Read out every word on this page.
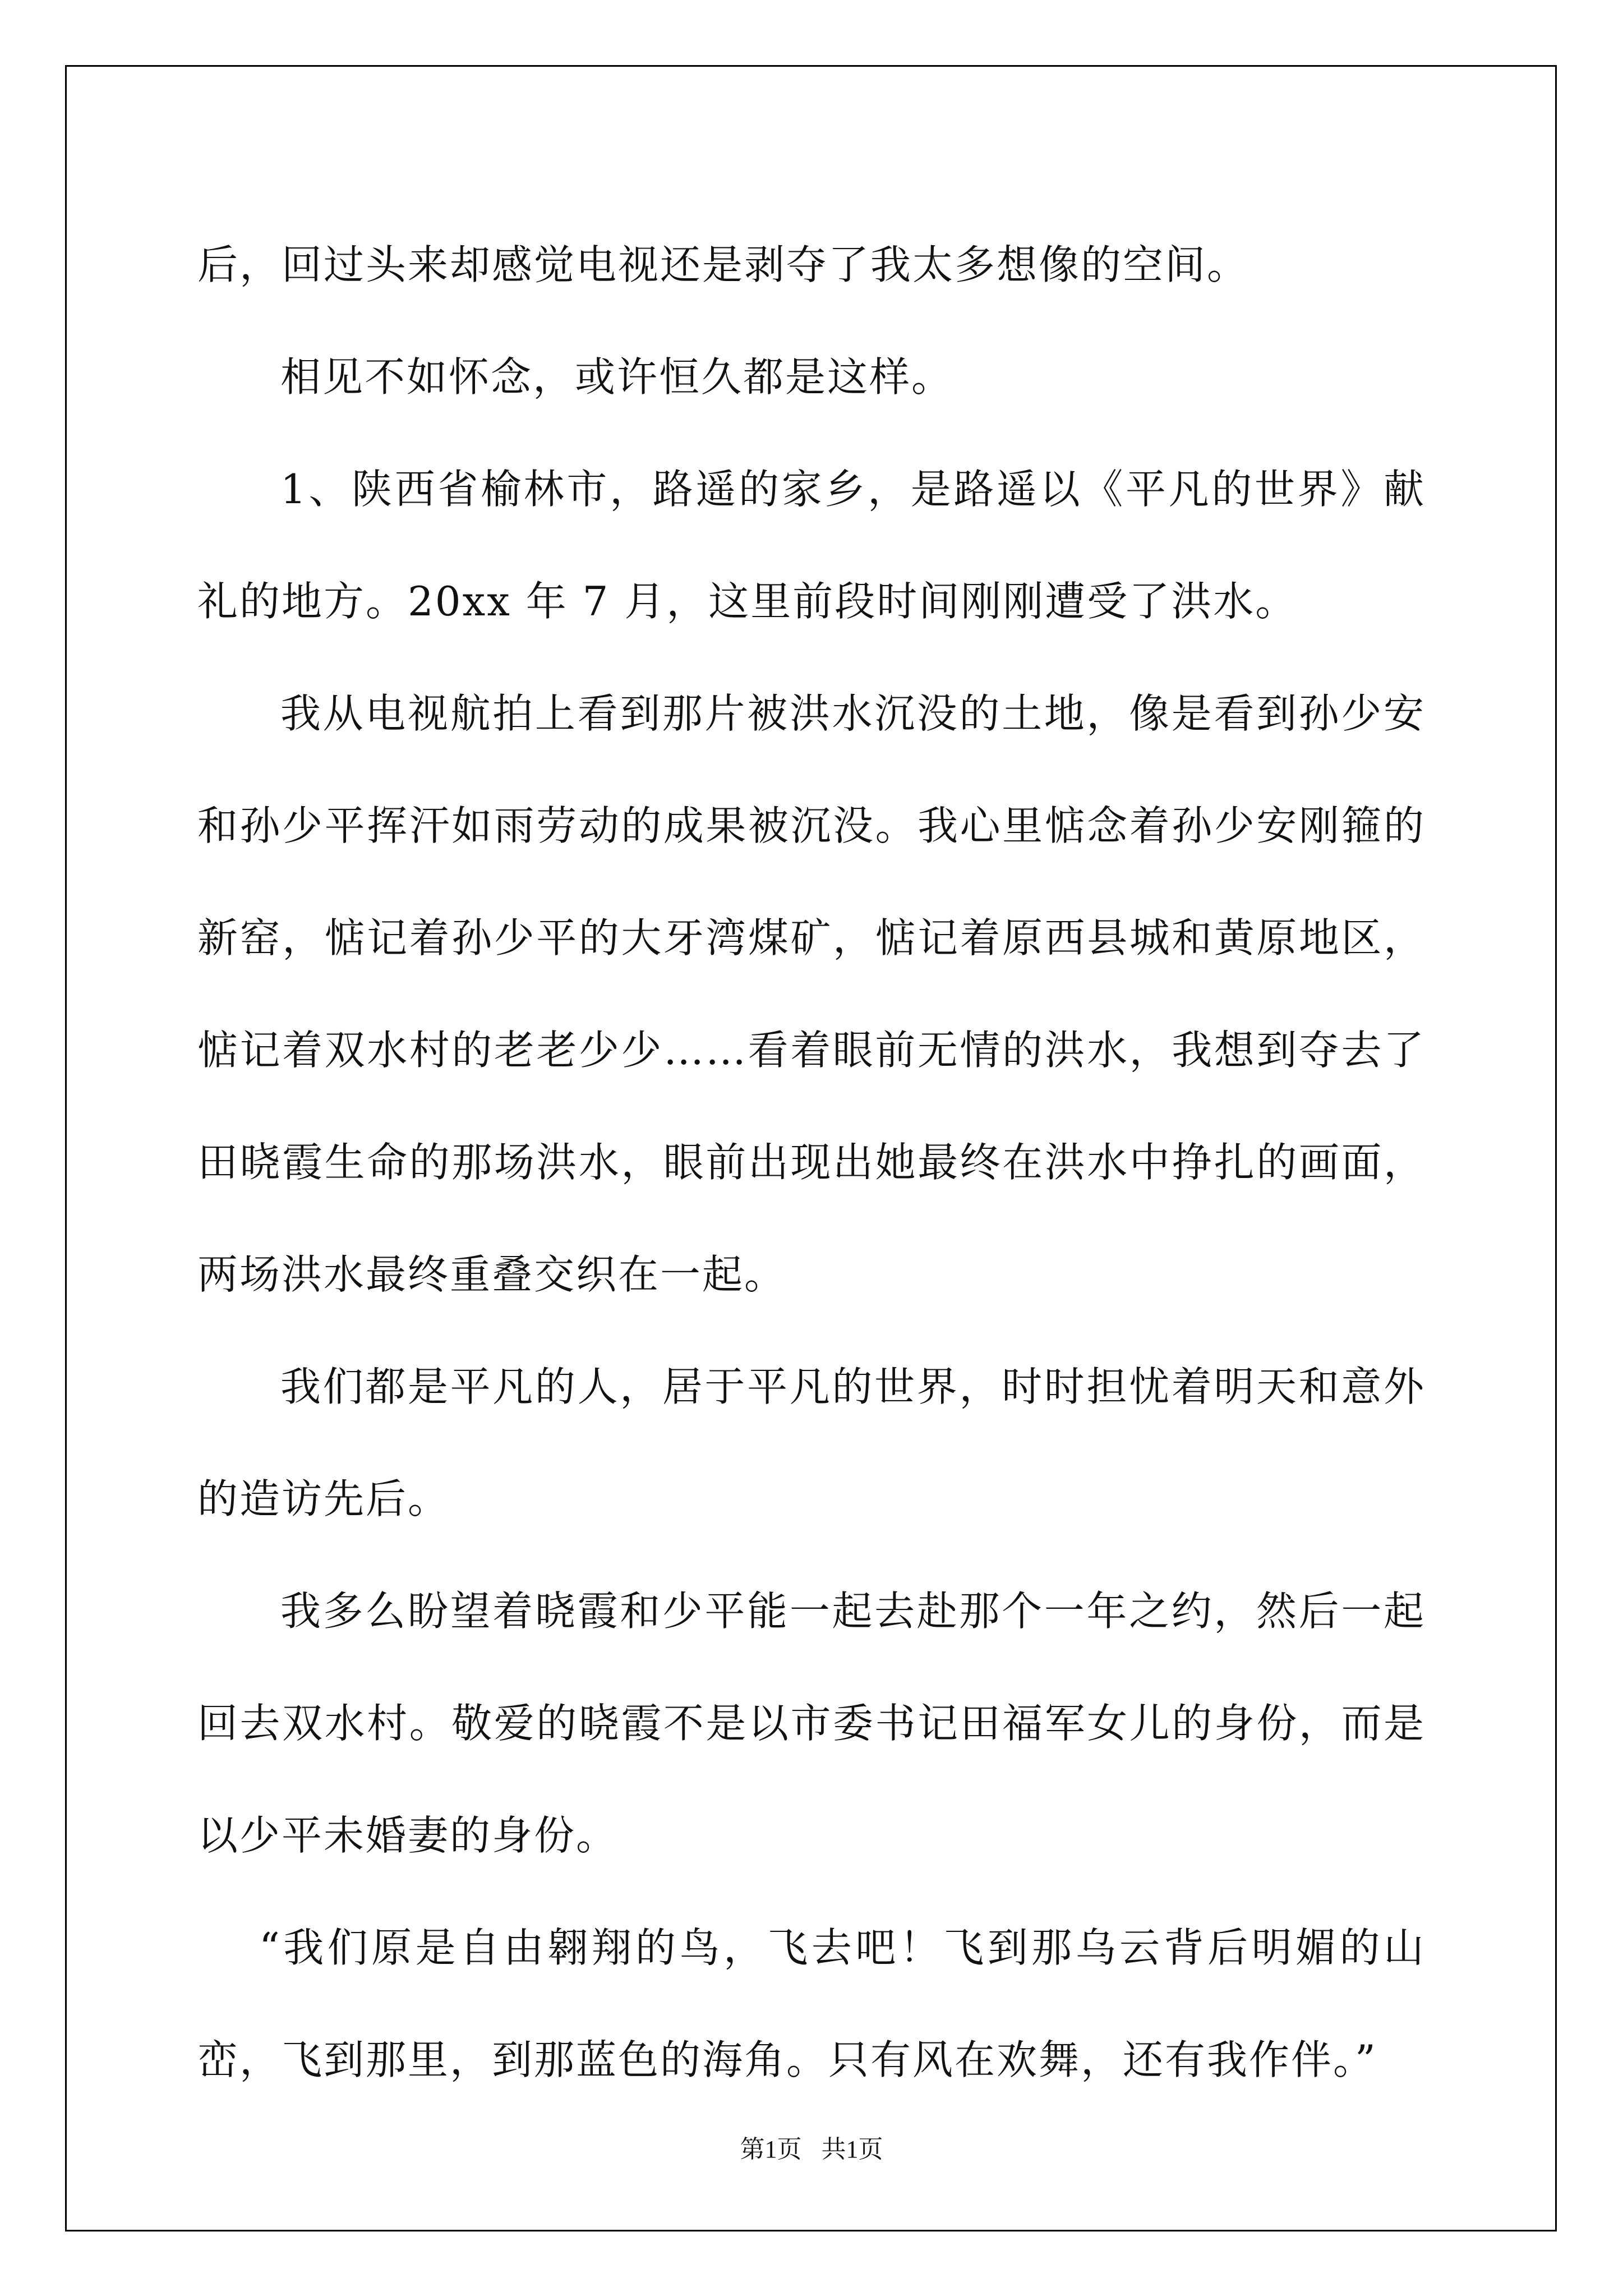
后，回过头来却感觉电视还是剥夺了我太多想像的空间。

相见不如怀念，或许恒久都是这样。

1、陕西省榆林市，路遥的家乡，是路遥以《平凡的世界》献礼的地方。20xx 年 7 月，这里前段时间刚刚遭受了洪水。

我从电视航拍上看到那片被洪水沉没的土地，像是看到孙少安和孙少平挥汗如雨劳动的成果被沉没。我心里惦念着孙少安刚箍的新窑，惦记着孙少平的大牙湾煤矿，惦记着原西县城和黄原地区，惦记着双水村的老老少少……看着眼前无情的洪水，我想到夺去了田晓霞生命的那场洪水，眼前出现出她最终在洪水中挣扎的画面，两场洪水最终重叠交织在一起。

我们都是平凡的人，居于平凡的世界，时时担忧着明天和意外的造访先后。

我多么盼望着晓霞和少平能一起去赴那个一年之约，然后一起回去双水村。敬爱的晓霞不是以市委书记田福军女儿的身份，而是以少平未婚妻的身份。

“我们原是自由翱翔的鸟，飞去吧！飞到那乌云背后明媚的山峦，飞到那里，到那蓝色的海角。只有风在欢舞，还有我作伴。”

第1页 共1页
